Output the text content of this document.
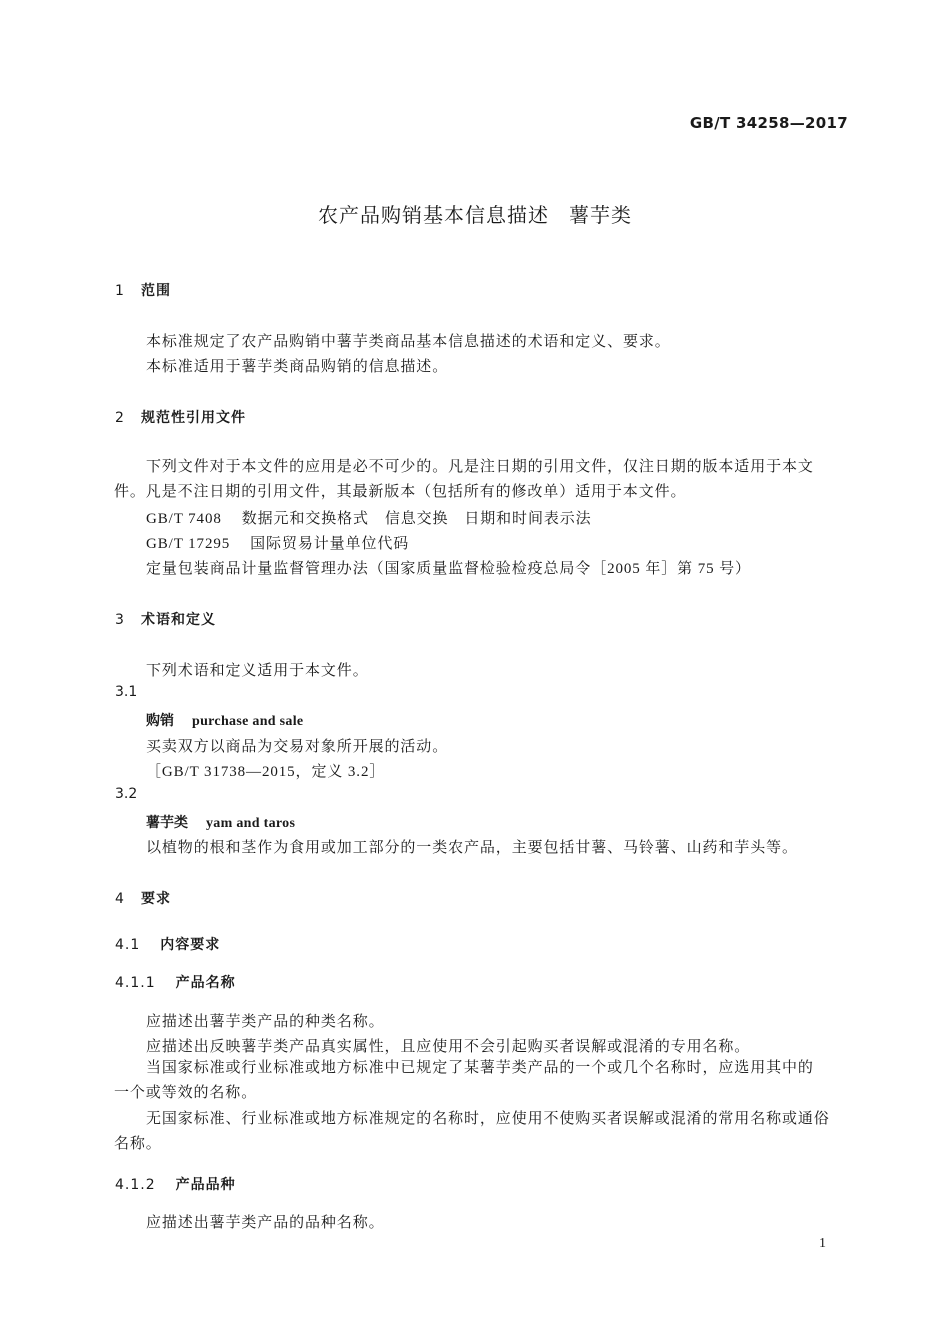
GB/T 34258—2017
农产品购销基本信息描述 薯芋类
1 范围
本标准规定了农产品购销中薯芋类商品基本信息描述的术语和定义、要求。
本标准适用于薯芋类商品购销的信息描述。
2 规范性引用文件
下列文件对于本文件的应用是必不可少的。凡是注日期的引用文件，仅注日期的版本适用于本文
件。凡是不注日期的引用文件，其最新版本（包括所有的修改单）适用于本文件。
GB/T 7408 数据元和交换格式　信息交换　日期和时间表示法
GB/T 17295 国际贸易计量单位代码
定量包装商品计量监督管理办法（国家质量监督检验检疫总局令［2005 年］第 75 号）
3 术语和定义
下列术语和定义适用于本文件。
3.1
购销 purchase and sale
买卖双方以商品为交易对象所开展的活动。
［GB/T 31738—2015，定义 3.2］
3.2
薯芋类 yam and taros
以植物的根和茎作为食用或加工部分的一类农产品，主要包括甘薯、马铃薯、山药和芋头等。
4 要求
4.1 内容要求
4.1.1 产品名称
应描述出薯芋类产品的种类名称。
应描述出反映薯芋类产品真实属性，且应使用不会引起购买者误解或混淆的专用名称。
当国家标准或行业标准或地方标准中已规定了某薯芋类产品的一个或几个名称时，应选用其中的
一个或等效的名称。
无国家标准、行业标准或地方标准规定的名称时，应使用不使购买者误解或混淆的常用名称或通俗
名称。
4.1.2 产品品种
应描述出薯芋类产品的品种名称。
1
